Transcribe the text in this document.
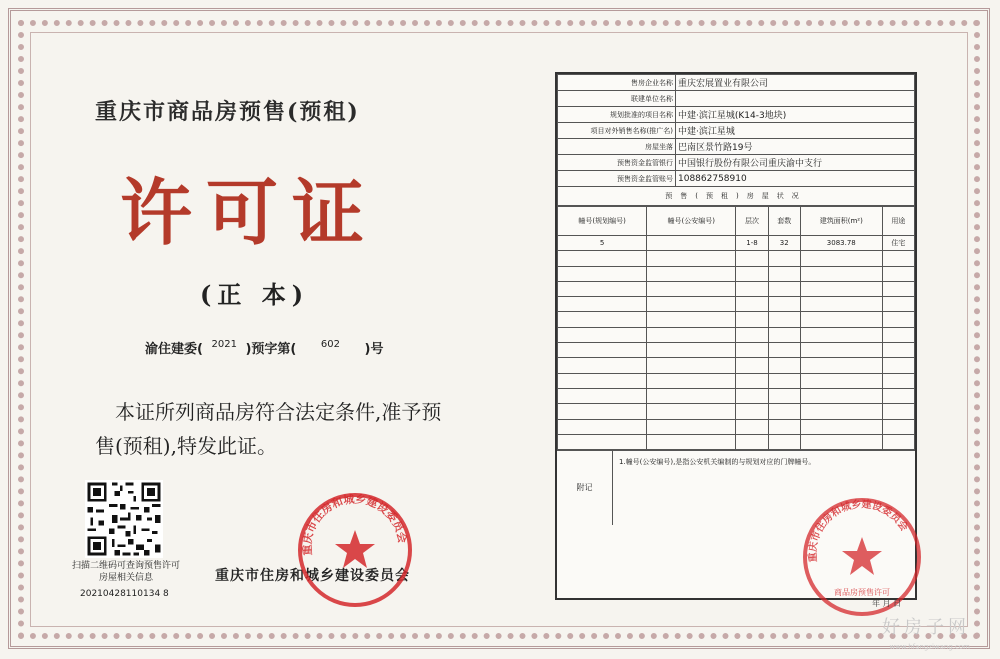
重庆市商品房预售(预租)
许可证
(正 本)
渝住建委( 2021 )预字第( 602 )号
本证所列商品房符合法定条件,准予预售(预租),特发此证。
扫描二维码可查询预售许可房屋相关信息
20210428110134 8
重庆市住房和城乡建设委员会
重庆市住房和城乡建设委员会
售房企业名称	重庆宏展置业有限公司
联建单位名称	
规划批准的项目名称	中建·滨江星城(K14-3地块)
项目对外销售名称(推广名)	中建·滨江星城
房屋坐落	巴南区景竹路19号
预售资金监管银行	中国银行股份有限公司重庆渝中支行
预售资金监管账号	108862758910
预售(预租)房屋状况	
幢号(规划编号)	幢号(公安编号)	层次	套数	建筑面积(m²)	用途
5		1-8	32	3083.78	住宅

附记
1.幢号(公安编号),是指公安机关编制的与规划对应的门牌幢号。
重庆市住房和城乡建设委员会
商品房预售许可
年 月 日
好房子网
www.hfangziwang.com
